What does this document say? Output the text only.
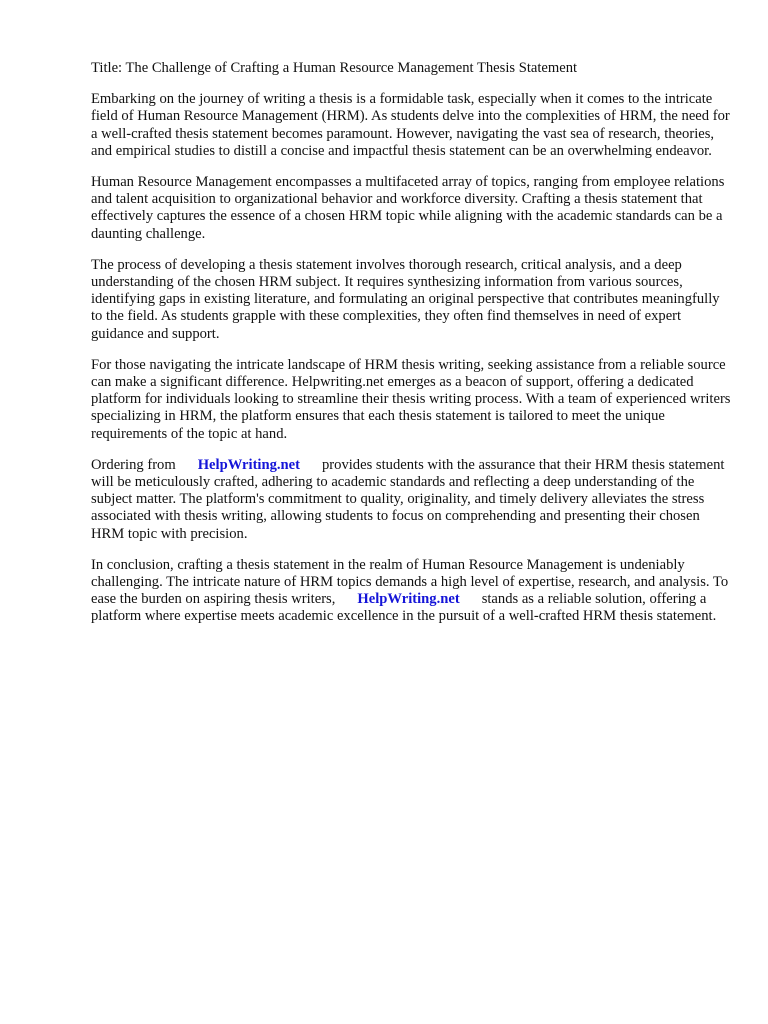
Title: The Challenge of Crafting a Human Resource Management Thesis Statement

Embarking on the journey of writing a thesis is a formidable task, especially when it comes to the intricate field of Human Resource Management (HRM). As students delve into the complexities of HRM, the need for a well-crafted thesis statement becomes paramount. However, navigating the vast sea of research, theories, and empirical studies to distill a concise and impactful thesis statement can be an overwhelming endeavor.

Human Resource Management encompasses a multifaceted array of topics, ranging from employee relations and talent acquisition to organizational behavior and workforce diversity. Crafting a thesis statement that effectively captures the essence of a chosen HRM topic while aligning with the academic standards can be a daunting challenge.

The process of developing a thesis statement involves thorough research, critical analysis, and a deep understanding of the chosen HRM subject. It requires synthesizing information from various sources, identifying gaps in existing literature, and formulating an original perspective that contributes meaningfully to the field. As students grapple with these complexities, they often find themselves in need of expert guidance and support.

For those navigating the intricate landscape of HRM thesis writing, seeking assistance from a reliable source can make a significant difference. Helpwriting.net emerges as a beacon of support, offering a dedicated platform for individuals looking to streamline their thesis writing process. With a team of experienced writers specializing in HRM, the platform ensures that each thesis statement is tailored to meet the unique requirements of the topic at hand.

Ordering from HelpWriting.net provides students with the assurance that their HRM thesis statement will be meticulously crafted, adhering to academic standards and reflecting a deep understanding of the subject matter. The platform's commitment to quality, originality, and timely delivery alleviates the stress associated with thesis writing, allowing students to focus on comprehending and presenting their chosen HRM topic with precision.

In conclusion, crafting a thesis statement in the realm of Human Resource Management is undeniably challenging. The intricate nature of HRM topics demands a high level of expertise, research, and analysis. To ease the burden on aspiring thesis writers, HelpWriting.net stands as a reliable solution, offering a platform where expertise meets academic excellence in the pursuit of a well-crafted HRM thesis statement.
